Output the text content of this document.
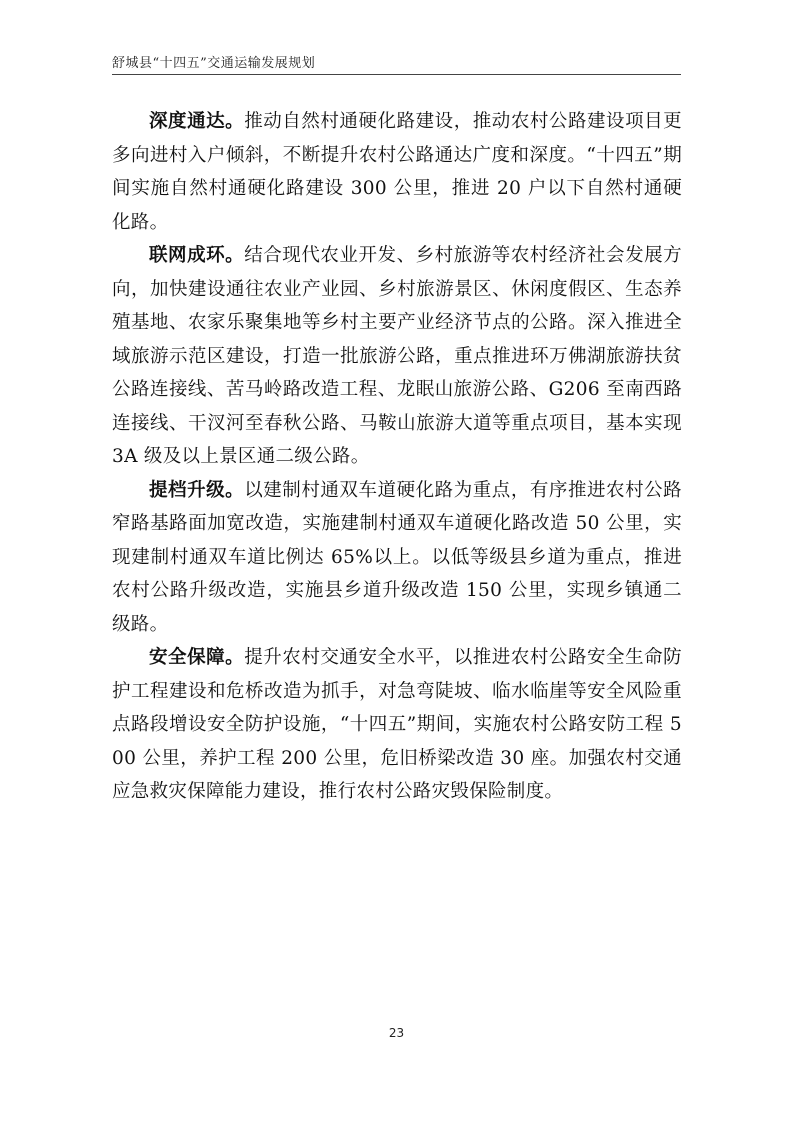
舒城县“十四五”交通运输发展规划

深度通达。推动自然村通硬化路建设，推动农村公路建设项目更多向进村入户倾斜，不断提升农村公路通达广度和深度。“十四五”期间实施自然村通硬化路建设 300 公里，推进 20 户以下自然村通硬化路。

联网成环。结合现代农业开发、乡村旅游等农村经济社会发展方向，加快建设通往农业产业园、乡村旅游景区、休闲度假区、生态养殖基地、农家乐聚集地等乡村主要产业经济节点的公路。深入推进全域旅游示范区建设，打造一批旅游公路，重点推进环万佛湖旅游扶贫公路连接线、苦马岭路改造工程、龙眠山旅游公路、G206 至南西路连接线、干汊河至春秋公路、马鞍山旅游大道等重点项目，基本实现 3A 级及以上景区通二级公路。

提档升级。以建制村通双车道硬化路为重点，有序推进农村公路窄路基路面加宽改造，实施建制村通双车道硬化路改造 50 公里，实现建制村通双车道比例达 65%以上。以低等级县乡道为重点，推进农村公路升级改造，实施县乡道升级改造 150 公里，实现乡镇通二级路。

安全保障。提升农村交通安全水平，以推进农村公路安全生命防护工程建设和危桥改造为抓手，对急弯陡坡、临水临崖等安全风险重点路段增设安全防护设施，“十四五”期间，实施农村公路安防工程 500 公里，养护工程 200 公里，危旧桥梁改造 30 座。加强农村交通应急救灾保障能力建设，推行农村公路灾毁保险制度。

23
